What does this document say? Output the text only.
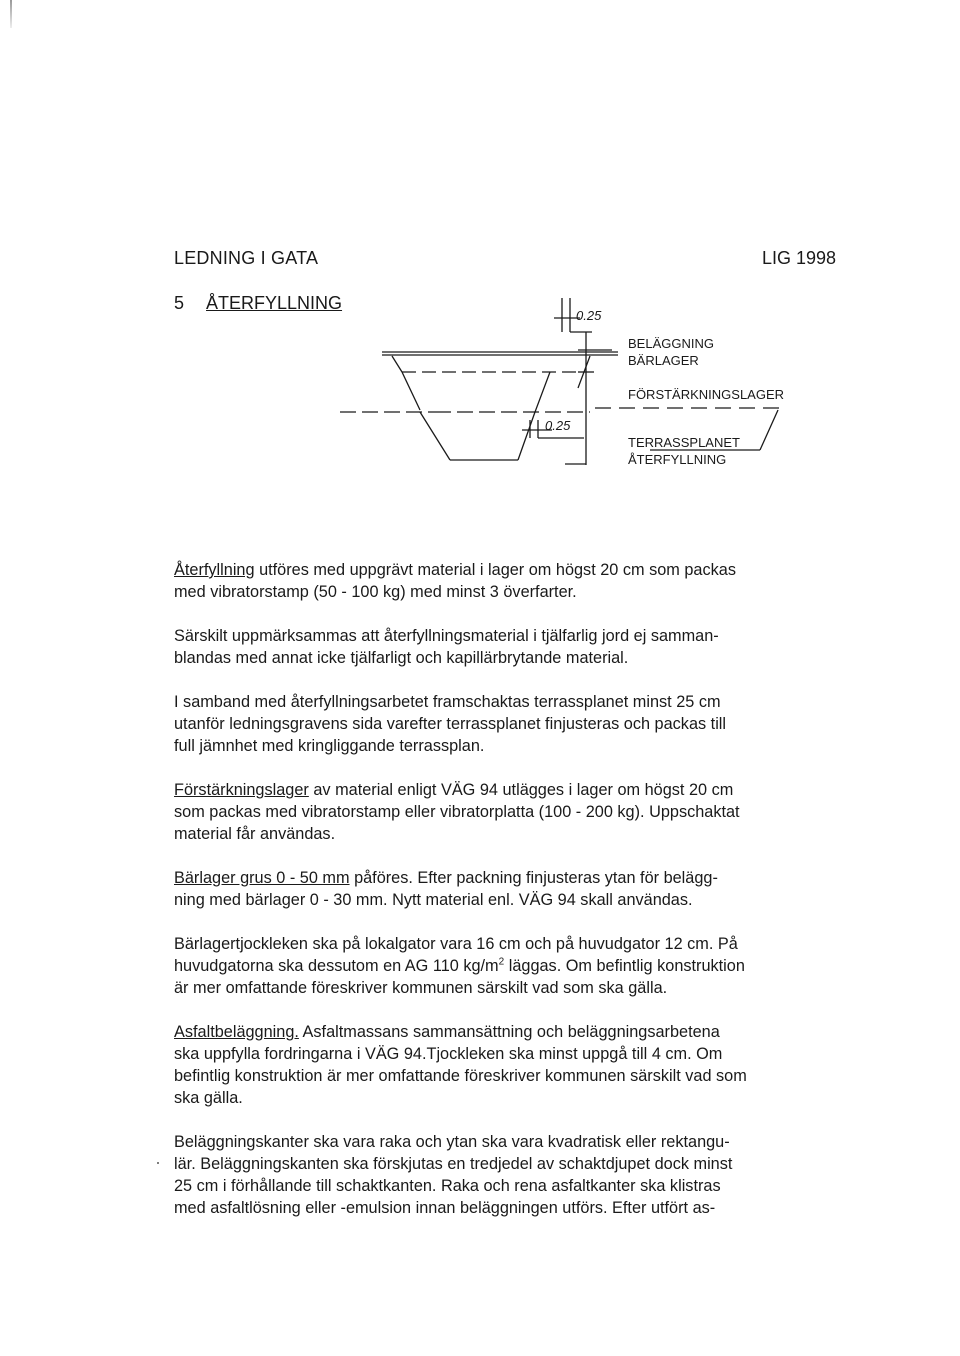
LEDNING I GATA	LIG 1998
5 ÅTERFYLLNING
0.25
0.25
BELÄGGNING
BÄRLAGER
FÖRSTÄRKNINGSLAGER
TERRASSPLANET
ÅTERFYLLNING

Återfyllning utföres med uppgrävt material i lager om högst 20 cm som packas
med vibratorstamp (50 - 100 kg) med minst 3 överfarter.

Särskilt uppmärksammas att återfyllningsmaterial i tjälfarlig jord ej samman-
blandas med annat icke tjälfarligt och kapillärbrytande material.

I samband med återfyllningsarbetet framschaktas terrassplanet minst 25 cm
utanför ledningsgravens sida varefter terrassplanet finjusteras och packas till
full jämnhet med kringliggande terrassplan.

Förstärkningslager av material enligt VÄG 94 utlägges i lager om högst 20 cm
som packas med vibratorstamp eller vibratorplatta (100 - 200 kg). Uppschaktat
material får användas.

Bärlager grus 0 - 50 mm påföres. Efter packning finjusteras ytan för belägg-
ning med bärlager 0 - 30 mm. Nytt material enl. VÄG 94 skall användas.

Bärlagertjockleken ska på lokalgator vara 16 cm och på huvudgator 12 cm. På
huvudgatorna ska dessutom en AG 110 $kg/m^2$ läggas. Om befintlig konstruktion
är mer omfattande föreskriver kommunen särskilt vad som ska gälla.

Asfaltbeläggning. Asfaltmassans sammansättning och beläggningsarbetena
ska uppfylla fordringarna i VÄG 94.Tjockleken ska minst uppgå till 4 cm. Om
befintlig konstruktion är mer omfattande föreskriver kommunen särskilt vad som
ska gälla.

Beläggningskanter ska vara raka och ytan ska vara kvadratisk eller rektangu-
lär. Beläggningskanten ska förskjutas en tredjedel av schaktdjupet dock minst
25 cm i förhållande till schaktkanten. Raka och rena asfaltkanter ska klistras
med asfaltlösning eller -emulsion innan beläggningen utförs. Efter utfört as-
